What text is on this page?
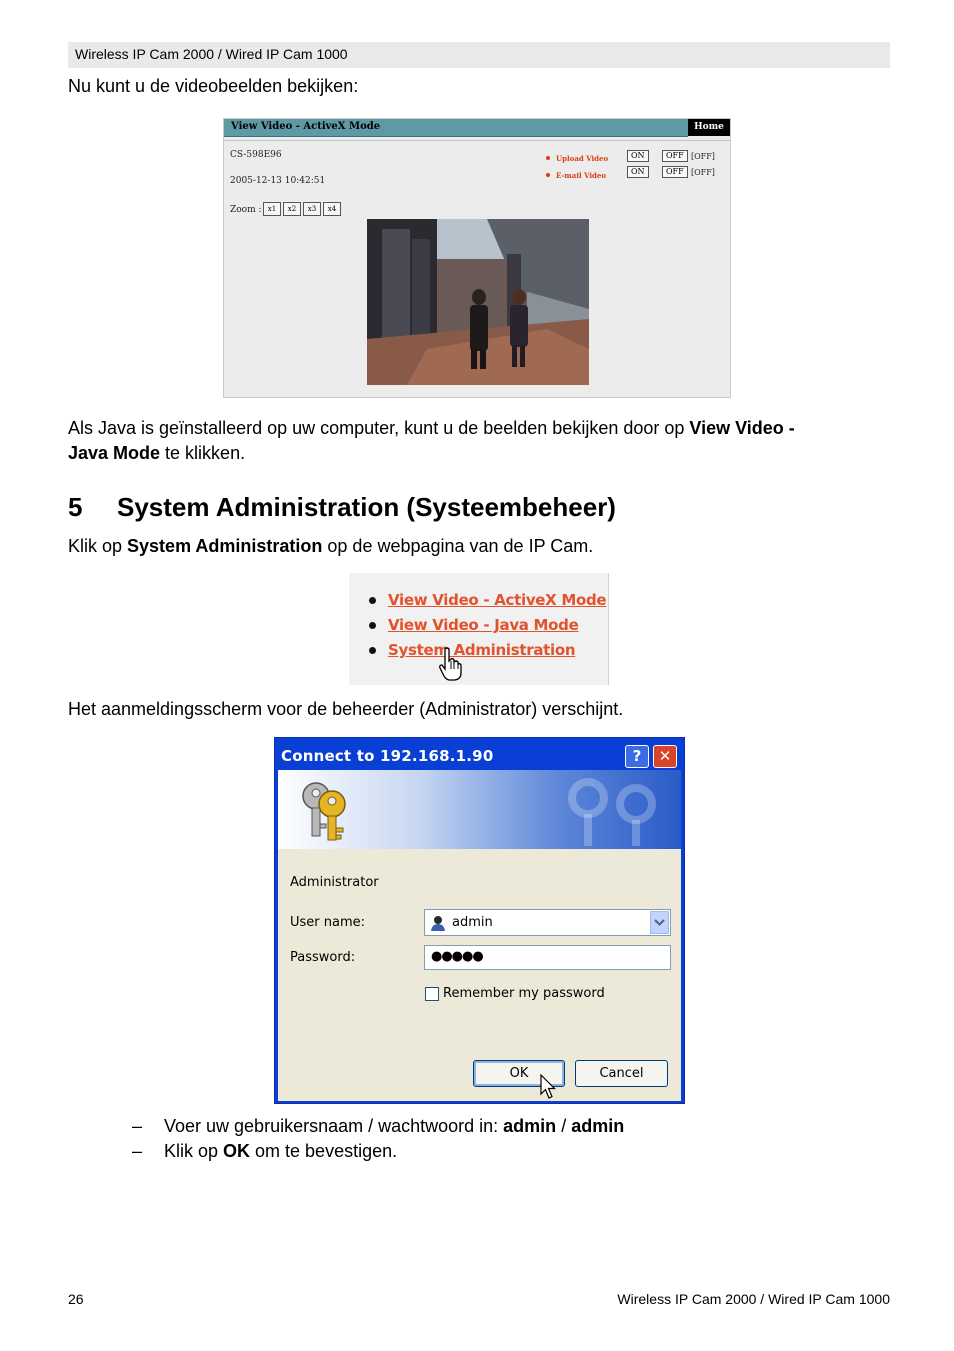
Wireless IP Cam 2000 / Wired IP Cam 1000
Nu kunt u de videobeelden bekijken:
View Video - ActiveX Mode	Home
CS-598E96
2005-12-13 10:42:51
Upload Video	ON	OFF [OFF]
E-mail Video	ON	OFF [OFF]
Zoom : x1	x2	x3	x4
Als Java is geïnstalleerd op uw computer, kunt u de beelden bekijken door op View Video -
Java Mode te klikken.
5 System Administration (Systeembeheer)
Klik op System Administration op de webpagina van de IP Cam.
View Video - ActiveX Mode
View Video - Java Mode
System Administration
Het aanmeldingsscherm voor de beheerder (Administrator) verschijnt.
Connect to 192.168.1.90	?	✕
Administrator
User name:	admin
Password:	●●●●●
Remember my password
OK	Cancel
– Voer uw gebruikersnaam / wachtwoord in: admin / admin
– Klik op OK om te bevestigen.
26	Wireless IP Cam 2000 / Wired IP Cam 1000
